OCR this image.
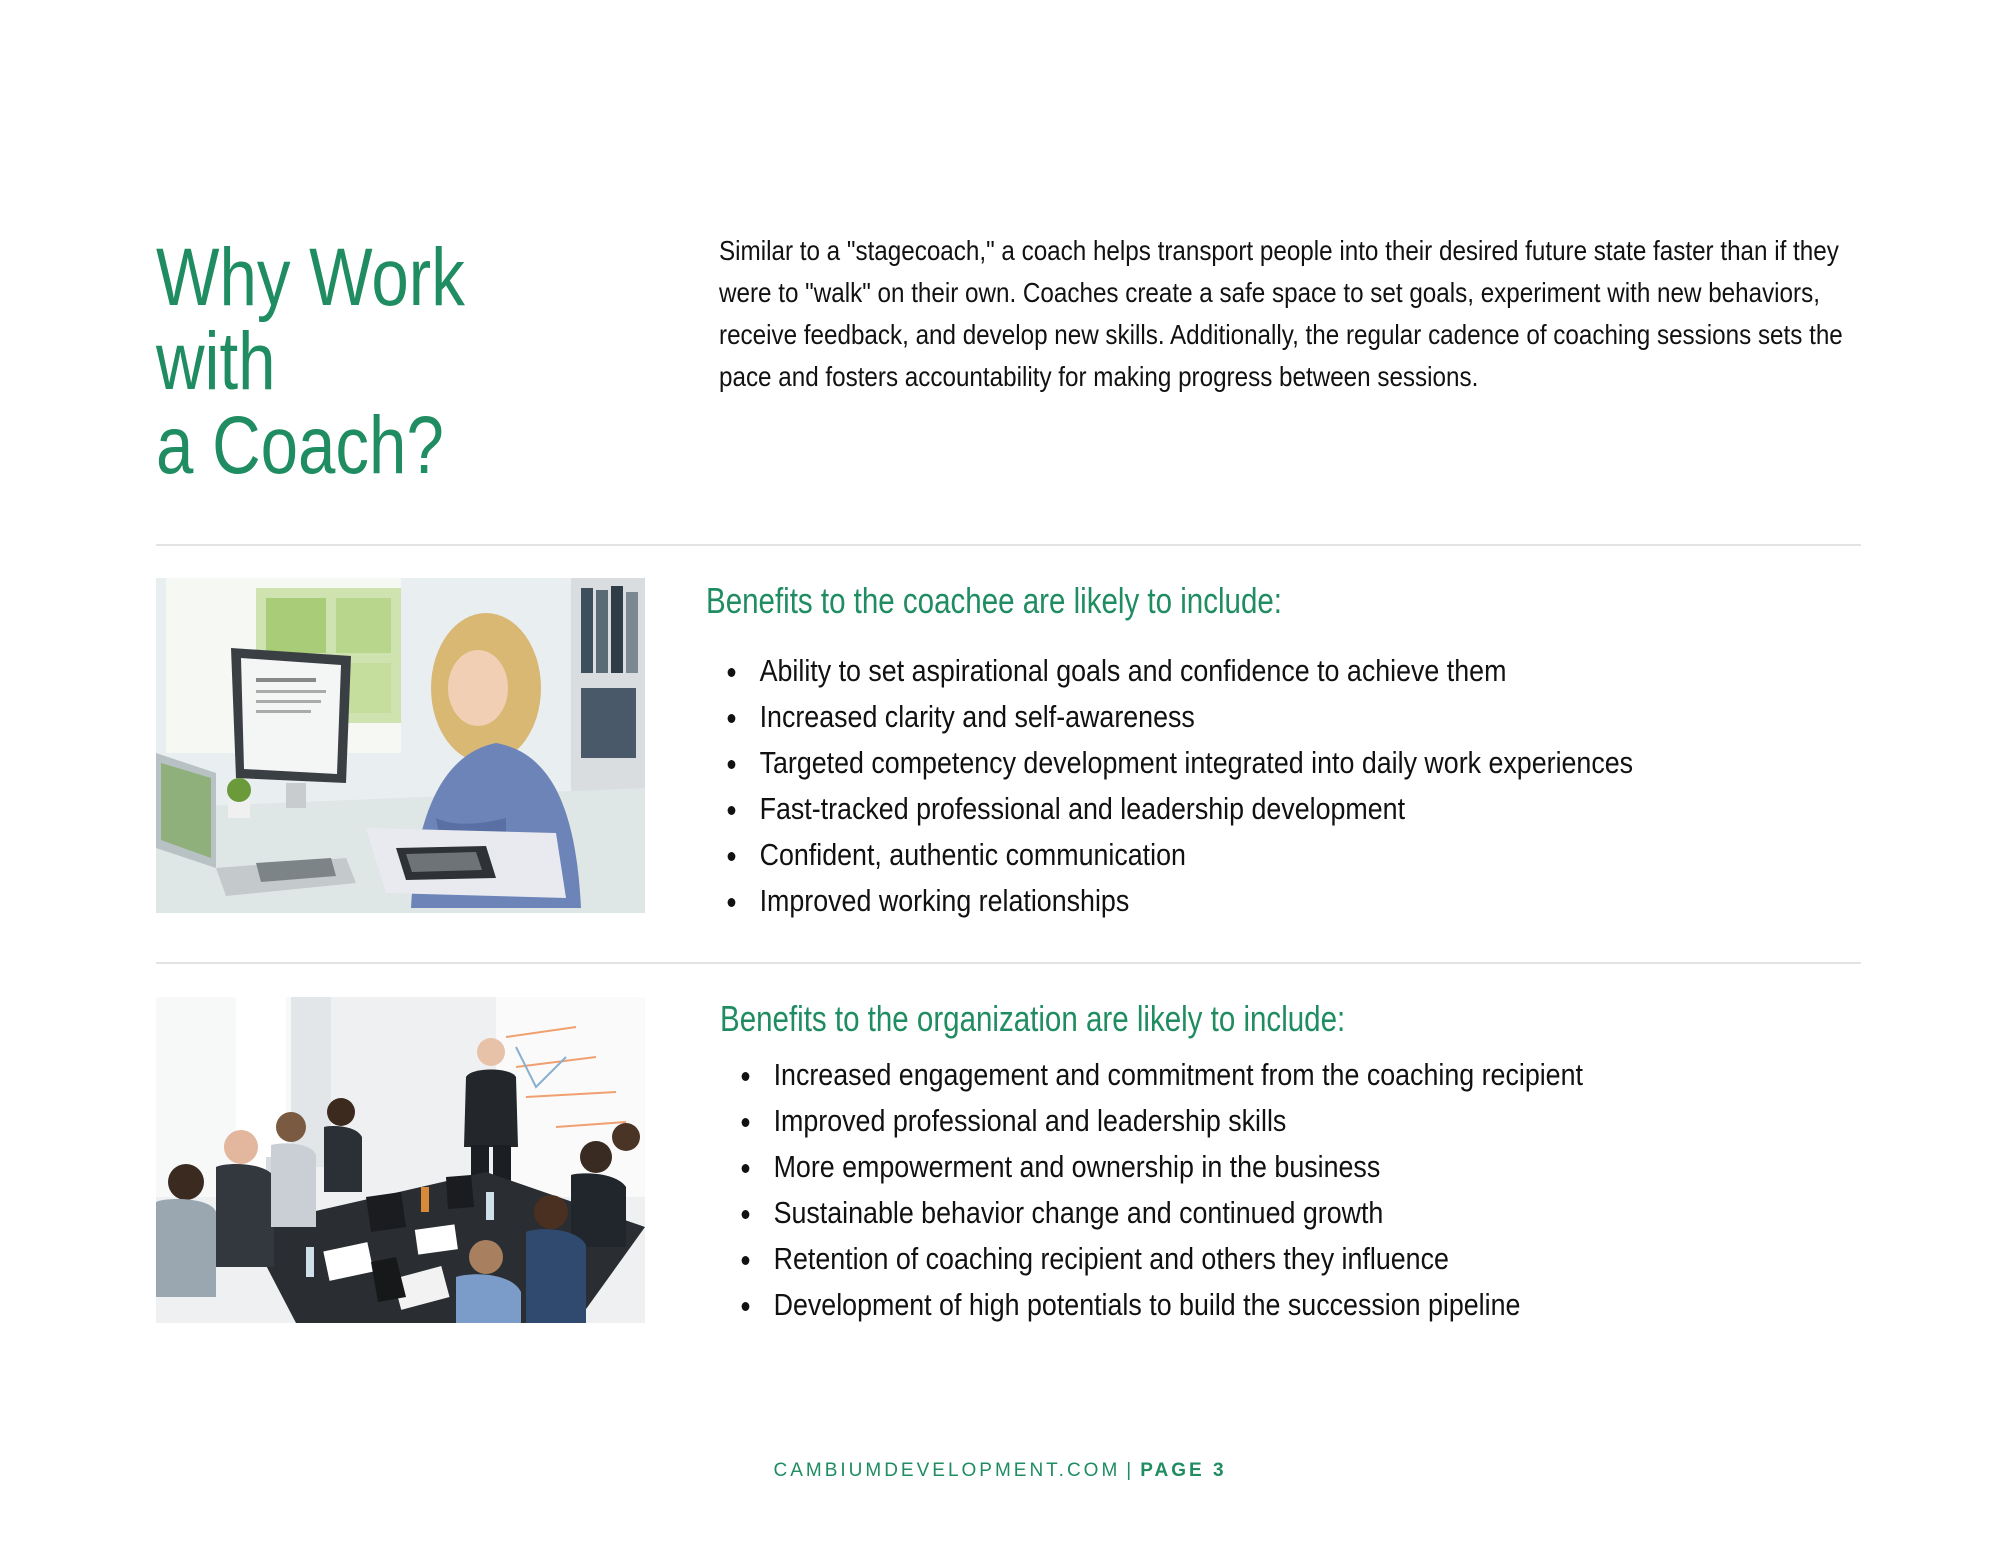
Why Work with
a Coach?
Similar to a "stagecoach," a coach helps transport people into their desired future state faster than if they were to "walk" on their own. Coaches create a safe space to set goals, experiment with new behaviors, receive feedback, and develop new skills. Additionally, the regular cadence of coaching sessions sets the pace and fosters accountability for making progress between sessions.
Benefits to the coachee are likely to include:
Ability to set aspirational goals and confidence to achieve them
Increased clarity and self-awareness
Targeted competency development integrated into daily work experiences
Fast-tracked professional and leadership development
Confident, authentic communication
Improved working relationships
Benefits to the organization are likely to include:
Increased engagement and commitment from the coaching recipient
Improved professional and leadership skills
More empowerment and ownership in the business
Sustainable behavior change and continued growth
Retention of coaching recipient and others they influence
Development of high potentials to build the succession pipeline
CAMBIUMDEVELOPMENT.COM | PAGE 3
